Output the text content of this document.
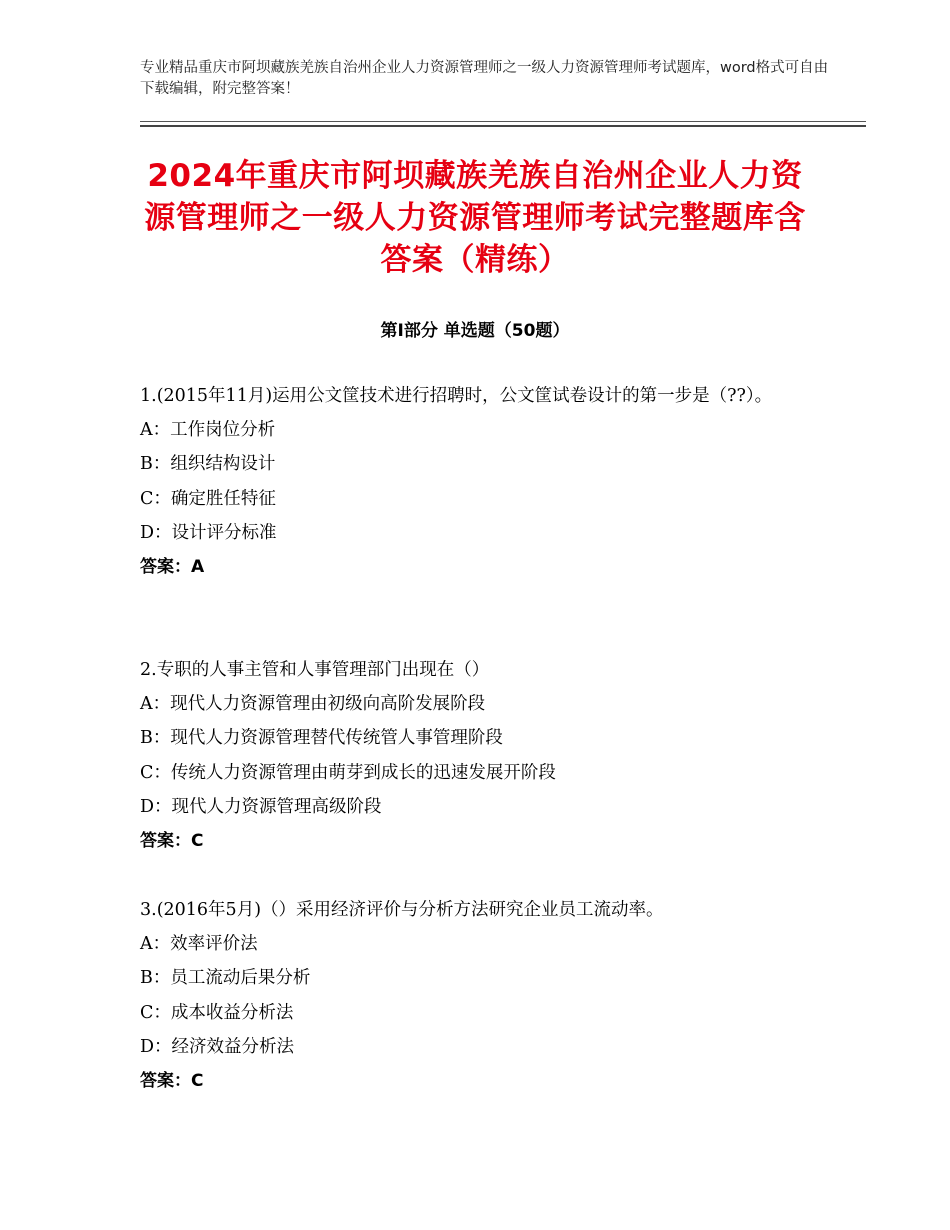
专业精品重庆市阿坝藏族羌族自治州企业人力资源管理师之一级人力资源管理师考试题库，word格式可自由下载编辑，附完整答案！
2024年重庆市阿坝藏族羌族自治州企业人力资源管理师之一级人力资源管理师考试完整题库含答案（精练）
第Ⅰ部分 单选题（50题）
1.(2015年11月)运用公文筐技术进行招聘时，公文筐试卷设计的第一步是（??）。
A：工作岗位分析
B：组织结构设计
C：确定胜任特征
D：设计评分标准
答案：A
2.专职的人事主管和人事管理部门出现在（）
A：现代人力资源管理由初级向高阶发展阶段
B：现代人力资源管理替代传统管人事管理阶段
C：传统人力资源管理由萌芽到成长的迅速发展开阶段
D：现代人力资源管理高级阶段
答案：C
3.(2016年5月)（）采用经济评价与分析方法研究企业员工流动率。
A：效率评价法
B：员工流动后果分析
C：成本收益分析法
D：经济效益分析法
答案：C
